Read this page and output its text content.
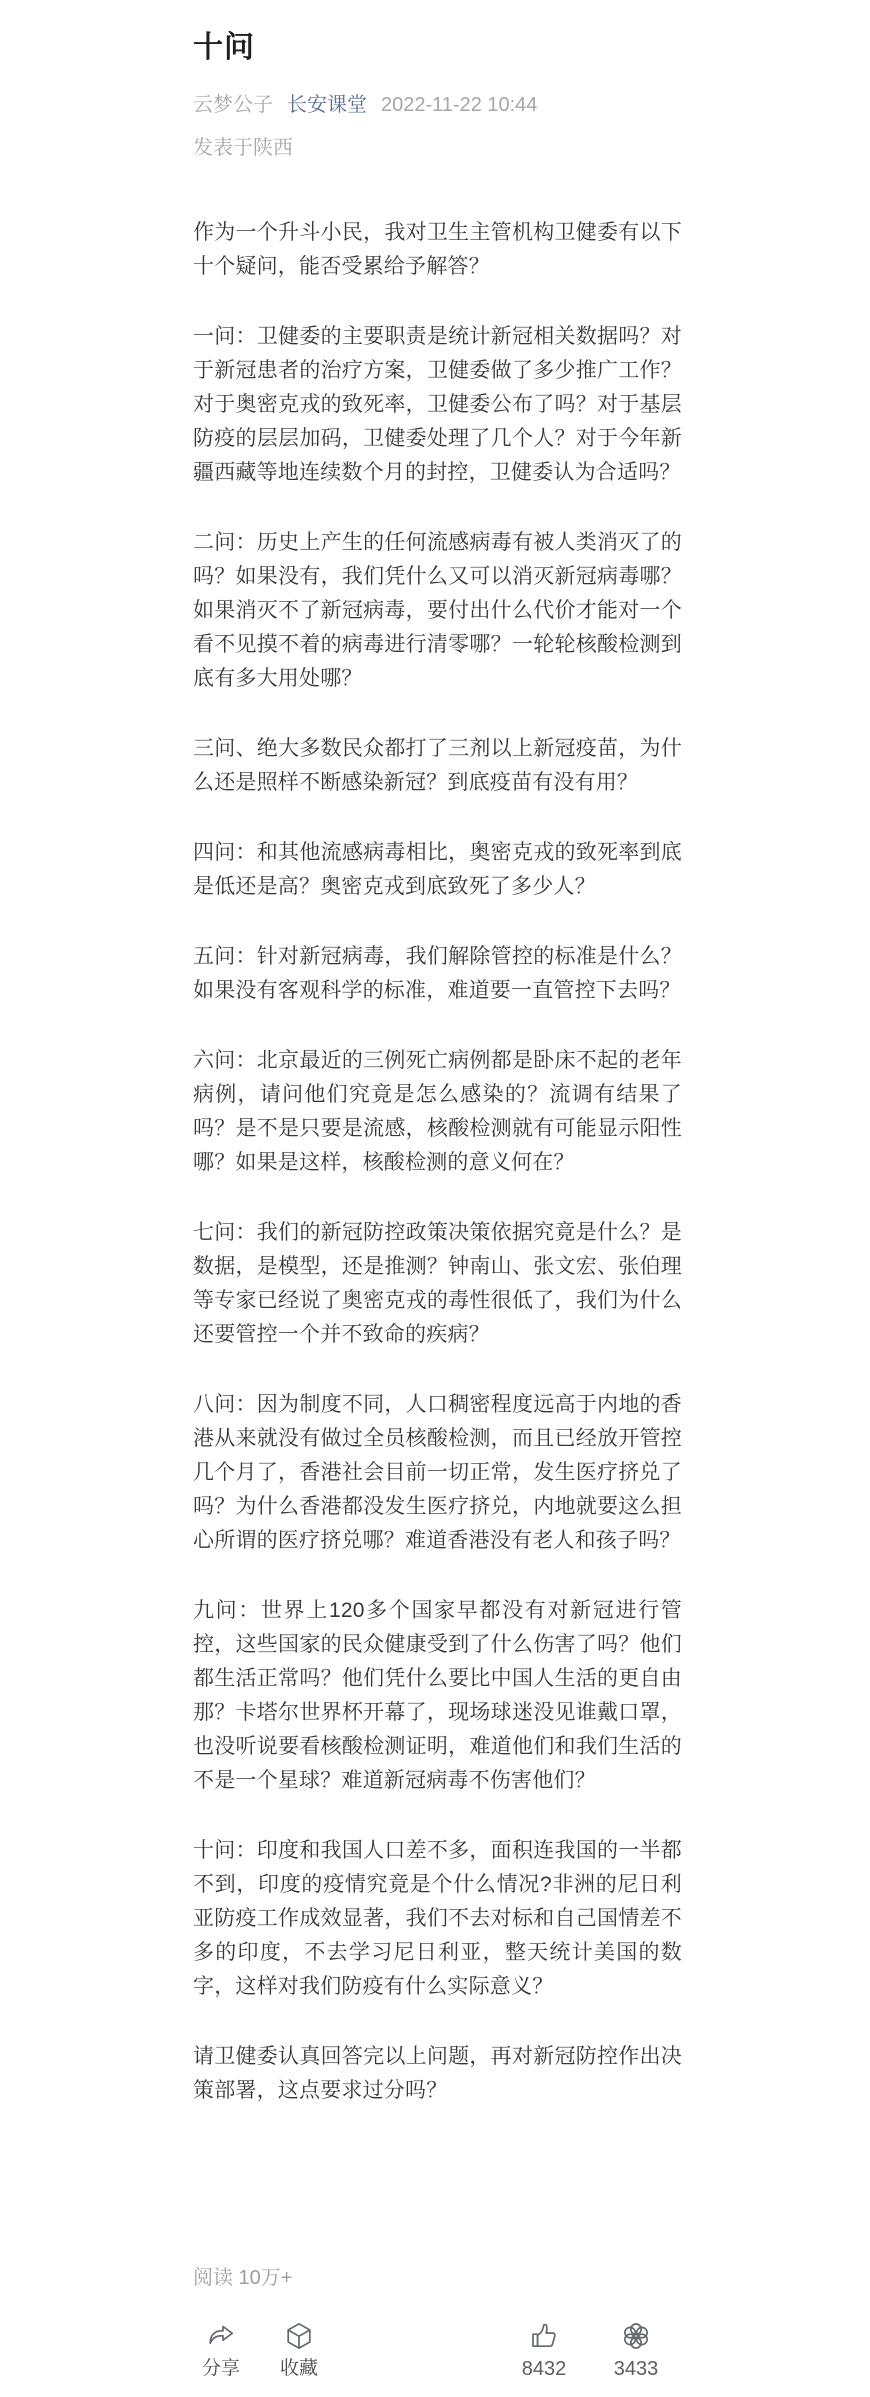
十问
云梦公子 长安课堂 2022-11-22 10:44
发表于陕西

作为一个升斗小民，我对卫生主管机构卫健委有以下十个疑问，能否受累给予解答？

一问：卫健委的主要职责是统计新冠相关数据吗？对于新冠患者的治疗方案，卫健委做了多少推广工作？对于奥密克戎的致死率，卫健委公布了吗？对于基层防疫的层层加码，卫健委处理了几个人？对于今年新疆西藏等地连续数个月的封控，卫健委认为合适吗？

二问：历史上产生的任何流感病毒有被人类消灭了的吗？如果没有，我们凭什么又可以消灭新冠病毒哪？如果消灭不了新冠病毒，要付出什么代价才能对一个看不见摸不着的病毒进行清零哪？一轮轮核酸检测到底有多大用处哪？

三问、绝大多数民众都打了三剂以上新冠疫苗，为什么还是照样不断感染新冠？到底疫苗有没有用？

四问：和其他流感病毒相比，奥密克戎的致死率到底是低还是高？奥密克戎到底致死了多少人？

五问：针对新冠病毒，我们解除管控的标准是什么？如果没有客观科学的标准，难道要一直管控下去吗？

六问：北京最近的三例死亡病例都是卧床不起的老年病例，请问他们究竟是怎么感染的？流调有结果了吗？是不是只要是流感，核酸检测就有可能显示阳性哪？如果是这样，核酸检测的意义何在？

七问：我们的新冠防控政策决策依据究竟是什么？是数据，是模型，还是推测？钟南山、张文宏、张伯理等专家已经说了奥密克戎的毒性很低了，我们为什么还要管控一个并不致命的疾病？

八问：因为制度不同，人口稠密程度远高于内地的香港从来就没有做过全员核酸检测，而且已经放开管控几个月了，香港社会目前一切正常，发生医疗挤兑了吗？为什么香港都没发生医疗挤兑，内地就要这么担心所谓的医疗挤兑哪？难道香港没有老人和孩子吗？

九问：世界上120多个国家早都没有对新冠进行管控，这些国家的民众健康受到了什么伤害了吗？他们都生活正常吗？他们凭什么要比中国人生活的更自由那？卡塔尔世界杯开幕了，现场球迷没见谁戴口罩，也没听说要看核酸检测证明，难道他们和我们生活的不是一个星球？难道新冠病毒不伤害他们？

十问：印度和我国人口差不多，面积连我国的一半都不到，印度的疫情究竟是个什么情况?非洲的尼日利亚防疫工作成效显著，我们不去对标和自己国情差不多的印度，不去学习尼日利亚，整天统计美国的数字，这样对我们防疫有什么实际意义？

请卫健委认真回答完以上问题，再对新冠防控作出决策部署，这点要求过分吗？

阅读 10万+
分享 收藏	8432 3433
